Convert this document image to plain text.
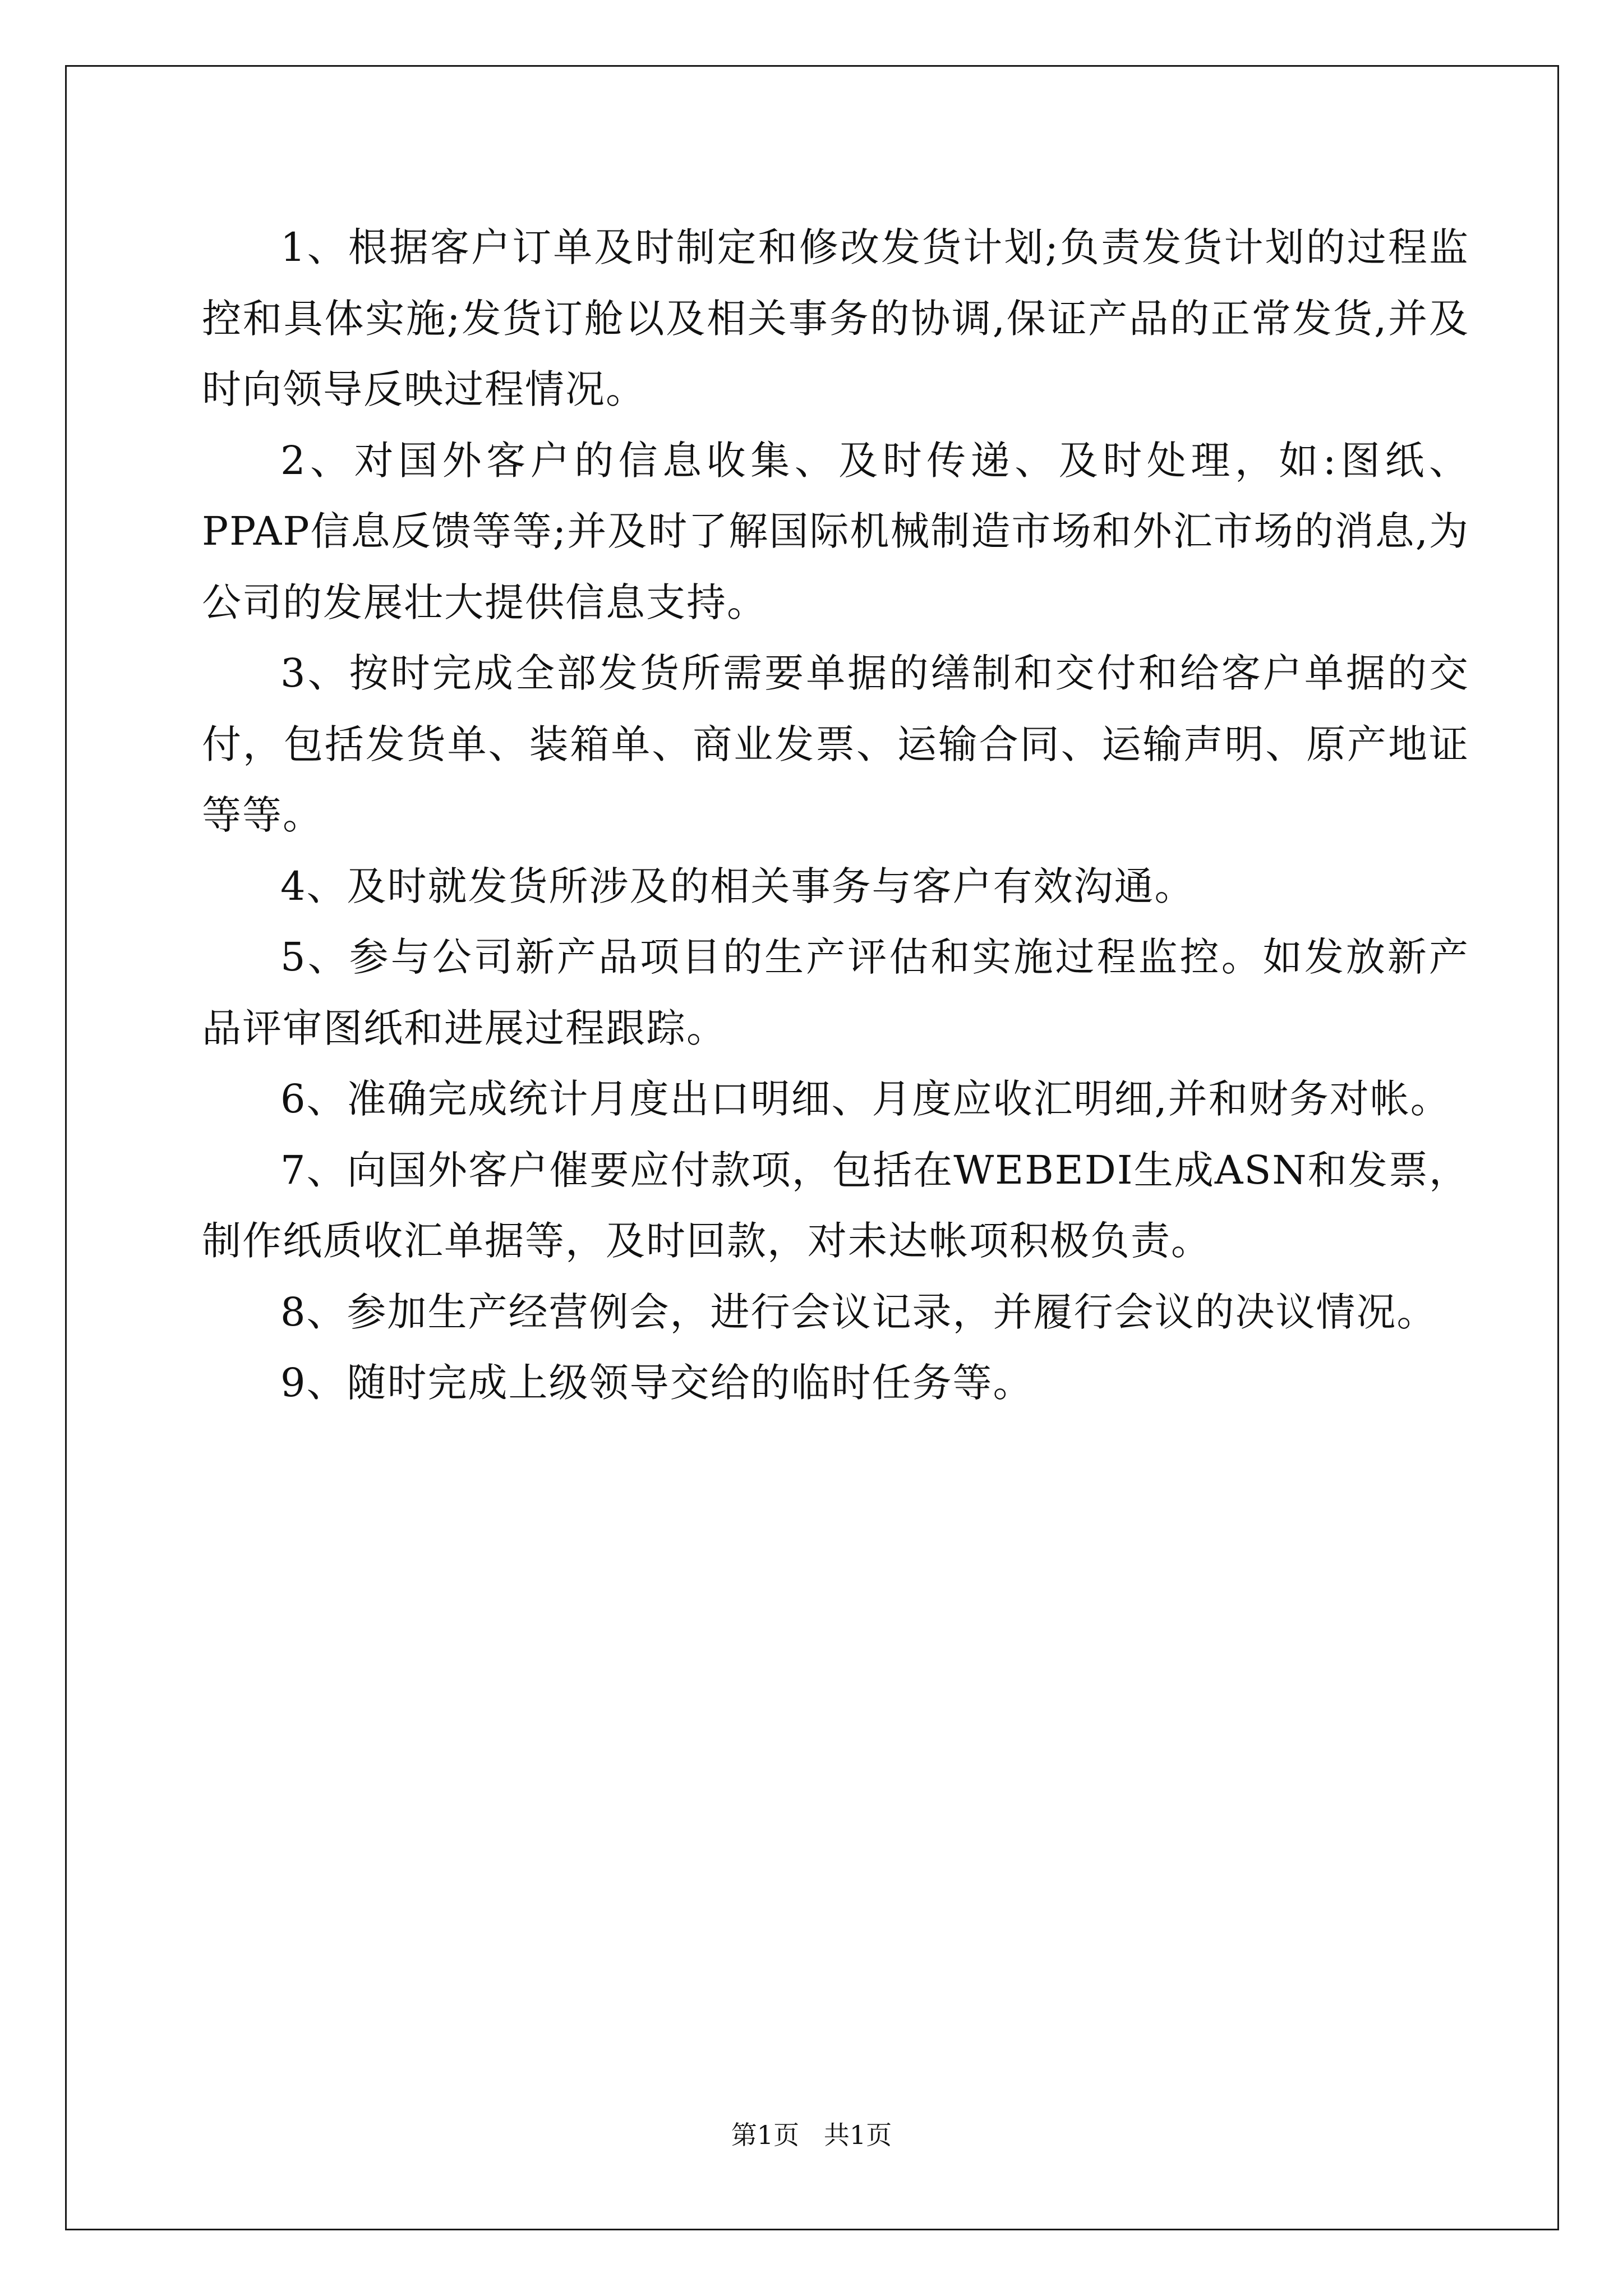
1、根据客户订单及时制定和修改发货计划;负责发货计划的过程监控和具体实施;发货订舱以及相关事务的协调,保证产品的正常发货,并及时向领导反映过程情况。

2、对国外客户的信息收集、及时传递、及时处理，如:图纸、PPAP信息反馈等等;并及时了解国际机械制造市场和外汇市场的消息,为公司的发展壮大提供信息支持。

3、按时完成全部发货所需要单据的缮制和交付和给客户单据的交付，包括发货单、装箱单、商业发票、运输合同、运输声明、原产地证等等。

4、及时就发货所涉及的相关事务与客户有效沟通。

5、参与公司新产品项目的生产评估和实施过程监控。如发放新产品评审图纸和进展过程跟踪。

6、准确完成统计月度出口明细、月度应收汇明细,并和财务对帐。

7、向国外客户催要应付款项，包括在WEBEDI生成ASN和发票，制作纸质收汇单据等，及时回款，对未达帐项积极负责。

8、参加生产经营例会，进行会议记录，并履行会议的决议情况。

9、随时完成上级领导交给的临时任务等。

第1页   共1页
